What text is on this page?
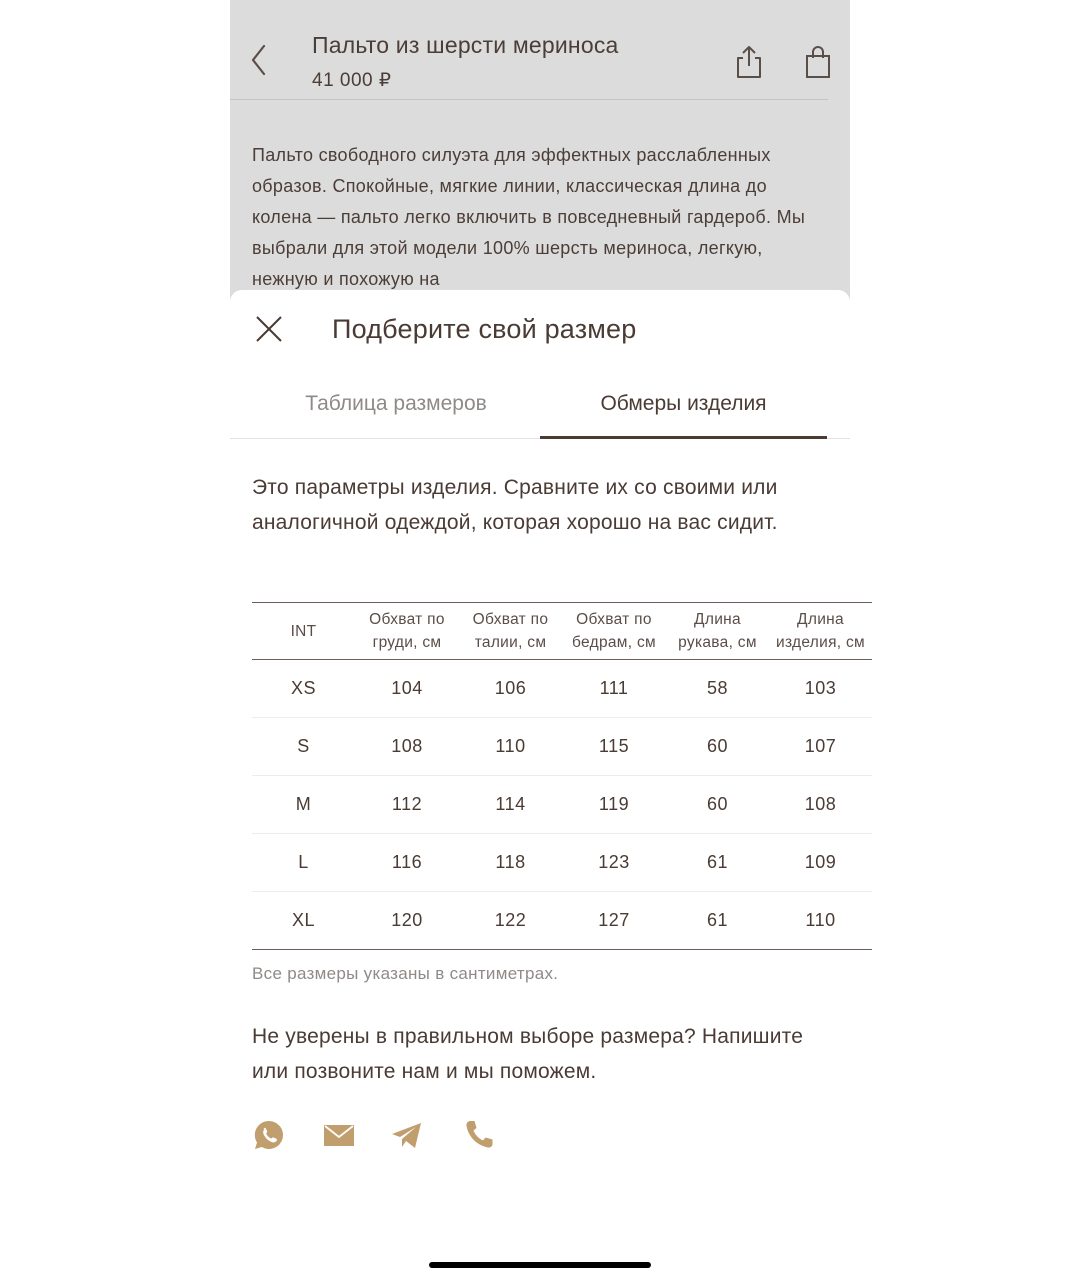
Пальто из шерсти мериноса
41 000 ₽
Пальто свободного силуэта для эффектных расслабленных образов. Спокойные, мягкие линии, классическая длина до колена — пальто легко включить в повседневный гардероб. Мы выбрали для этой модели 100% шерсть мериноса, легкую, нежную и похожую на
Подберите свой размер
Таблица размеров	Обмеры изделия
Это параметры изделия. Сравните их со своими или аналогичной одеждой, которая хорошо на вас сидит.
INT	Обхват по груди, см	Обхват по талии, см	Обхват по бедрам, см	Длина рукава, см	Длина изделия, см
XS	104	106	111	58	103
S	108	110	115	60	107
M	112	114	119	60	108
L	116	118	123	61	109
XL	120	122	127	61	110
Все размеры указаны в сантиметрах.
Не уверены в правильном выборе размера? Напишите или позвоните нам и мы поможем.
